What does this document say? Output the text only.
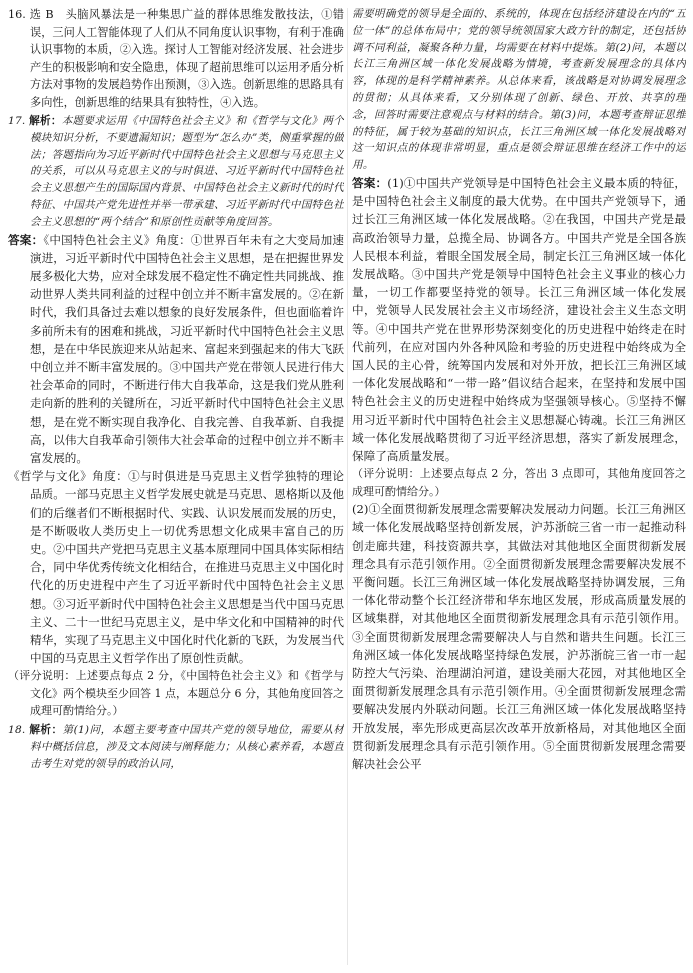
16. 选 B　头脑风暴法是一种集思广益的群体思维发散技法，①错误，三问人工智能体现了人们从不同角度认识事物，有利于准确认识事物的本质，②入选。探讨人工智能对经济发展、社会进步产生的积极影响和安全隐患，体现了超前思维可以运用矛盾分析方法对事物的发展趋势作出预测，③入选。创新思维的思路具有多向性，创新思维的结果具有独特性，④入选。

17. 解析：本题要求运用《中国特色社会主义》和《哲学与文化》两个模块知识分析，不要遗漏知识；题型为“怎么办”类，侧重掌握的做法；答题指向为习近平新时代中国特色社会主义思想与马克思主义的关系，可以从马克思主义的与时俱进、习近平新时代中国特色社会主义思想产生的国际国内背景、中国特色社会主义新时代的时代特征、中国共产党先进性并举一带承建、习近平新时代中国特色社会主义思想的“两个结合”和原创性贡献等角度回答。

答案：《中国特色社会主义》角度：①世界百年未有之大变局加速演进，习近平新时代中国特色社会主义思想，是在把握世界发展多极化大势，应对全球发展不稳定性不确定性共同挑战、推动世界人类共同利益的过程中创立并不断丰富发展的。②在新时代，我们具备过去难以想象的良好发展条件，但也面临着许多前所未有的困难和挑战，习近平新时代中国特色社会主义思想，是在中华民族迎来从站起来、富起来到强起来的伟大飞跃中创立并不断丰富发展的。③中国共产党在带领人民进行伟大社会革命的同时，不断进行伟大自我革命，这是我们党从胜利走向新的胜利的关键所在，习近平新时代中国特色社会主义思想，是在党不断实现自我净化、自我完善、自我革新、自我提高，以伟大自我革命引领伟大社会革命的过程中创立并不断丰富发展的。

《哲学与文化》角度：①与时俱进是马克思主义哲学独特的理论品质。一部马克思主义哲学发展史就是马克思、恩格斯以及他们的后继者们不断根据时代、实践、认识发展而发展的历史，是不断吸收人类历史上一切优秀思想文化成果丰富自己的历史。②中国共产党把马克思主义基本原理同中国具体实际相结合，同中华优秀传统文化相结合，在推进马克思主义中国化时代化的历史进程中产生了习近平新时代中国特色社会主义思想。③习近平新时代中国特色社会主义思想是当代中国马克思主义、二十一世纪马克思主义，是中华文化和中国精神的时代精华，实现了马克思主义中国化时代化新的飞跃，为发展当代中国的马克思主义哲学作出了原创性贡献。

（评分说明：上述要点每点 2 分，《中国特色社会主义》和《哲学与文化》两个模块至少回答 1 点，本题总分 6 分，其他角度回答之成理可酌情给分。）

18. 解析：第(1)问，本题主要考查中国共产党的领导地位，需要从材料中概括信息，涉及文本阅读与阐释能力；从核心素养看，本题直击考生对党的领导的政治认同，

需要明确党的领导是全面的、系统的，体现在包括经济建设在内的“五位一体”的总体布局中；党的领导统领国家大政方针的制定，还包括协调不同利益，凝聚各种力量，均需要在材料中提炼。第(2)问，本题以长江三角洲区域一体化发展战略为情境，考查新发展理念的具体内容，体现的是科学精神素养。从总体来看，该战略是对协调发展理念的贯彻；从具体来看，又分别体现了创新、绿色、开放、共享的理念，回答时需要注意观点与材料的结合。第(3)问，本题考查辩证思维的特征，属于较为基础的知识点，长江三角洲区域一体化发展战略对这一知识点的体现非常明显，重点是领会辩证思维在经济工作中的运用。

答案：(1)①中国共产党领导是中国特色社会主义最本质的特征，是中国特色社会主义制度的最大优势。在中国共产党领导下，通过长江三角洲区域一体化发展战略。②在我国，中国共产党是最高政治领导力量，总揽全局、协调各方。中国共产党是全国各族人民根本利益，着眼全国发展全局，制定长江三角洲区域一体化发展战略。③中国共产党是领导中国特色社会主义事业的核心力量，一切工作都要坚持党的领导。长江三角洲区域一体化发展中，党领导人民发展社会主义市场经济，建设社会主义生态文明等。④中国共产党在世界形势深刻变化的历史进程中始终走在时代前列，在应对国内外各种风险和考验的历史进程中始终成为全国人民的主心骨，统筹国内发展和对外开放，把长江三角洲区域一体化发展战略和“一带一路”倡议结合起来，在坚持和发展中国特色社会主义的历史进程中始终成为坚强领导核心。⑤坚持不懈用习近平新时代中国特色社会主义思想凝心铸魂。长江三角洲区域一体化发展战略贯彻了习近平经济思想，落实了新发展理念，保障了高质量发展。

（评分说明：上述要点每点 2 分，答出 3 点即可，其他角度回答之成理可酌情给分。）

(2)①全面贯彻新发展理念需要解决发展动力问题。长江三角洲区域一体化发展战略坚持创新发展，沪苏浙皖三省一市一起推动科创走廊共建，科技资源共享，其做法对其他地区全面贯彻新发展理念具有示范引领作用。②全面贯彻新发展理念需要解决发展不平衡问题。长江三角洲区域一体化发展战略坚持协调发展，三角一体化带动整个长江经济带和华东地区发展，形成高质量发展的区域集群，对其他地区全面贯彻新发展理念具有示范引领作用。③全面贯彻新发展理念需要解决人与自然和谐共生问题。长江三角洲区域一体化发展战略坚持绿色发展，沪苏浙皖三省一市一起防控大气污染、治理湖泊河道，建设美丽大花园，对其他地区全面贯彻新发展理念具有示范引领作用。④全面贯彻新发展理念需要解决发展内外联动问题。长江三角洲区域一体化发展战略坚持开放发展，率先形成更高层次改革开放新格局，对其他地区全面贯彻新发展理念具有示范引领作用。⑤全面贯彻新发展理念需要解决社会公平
